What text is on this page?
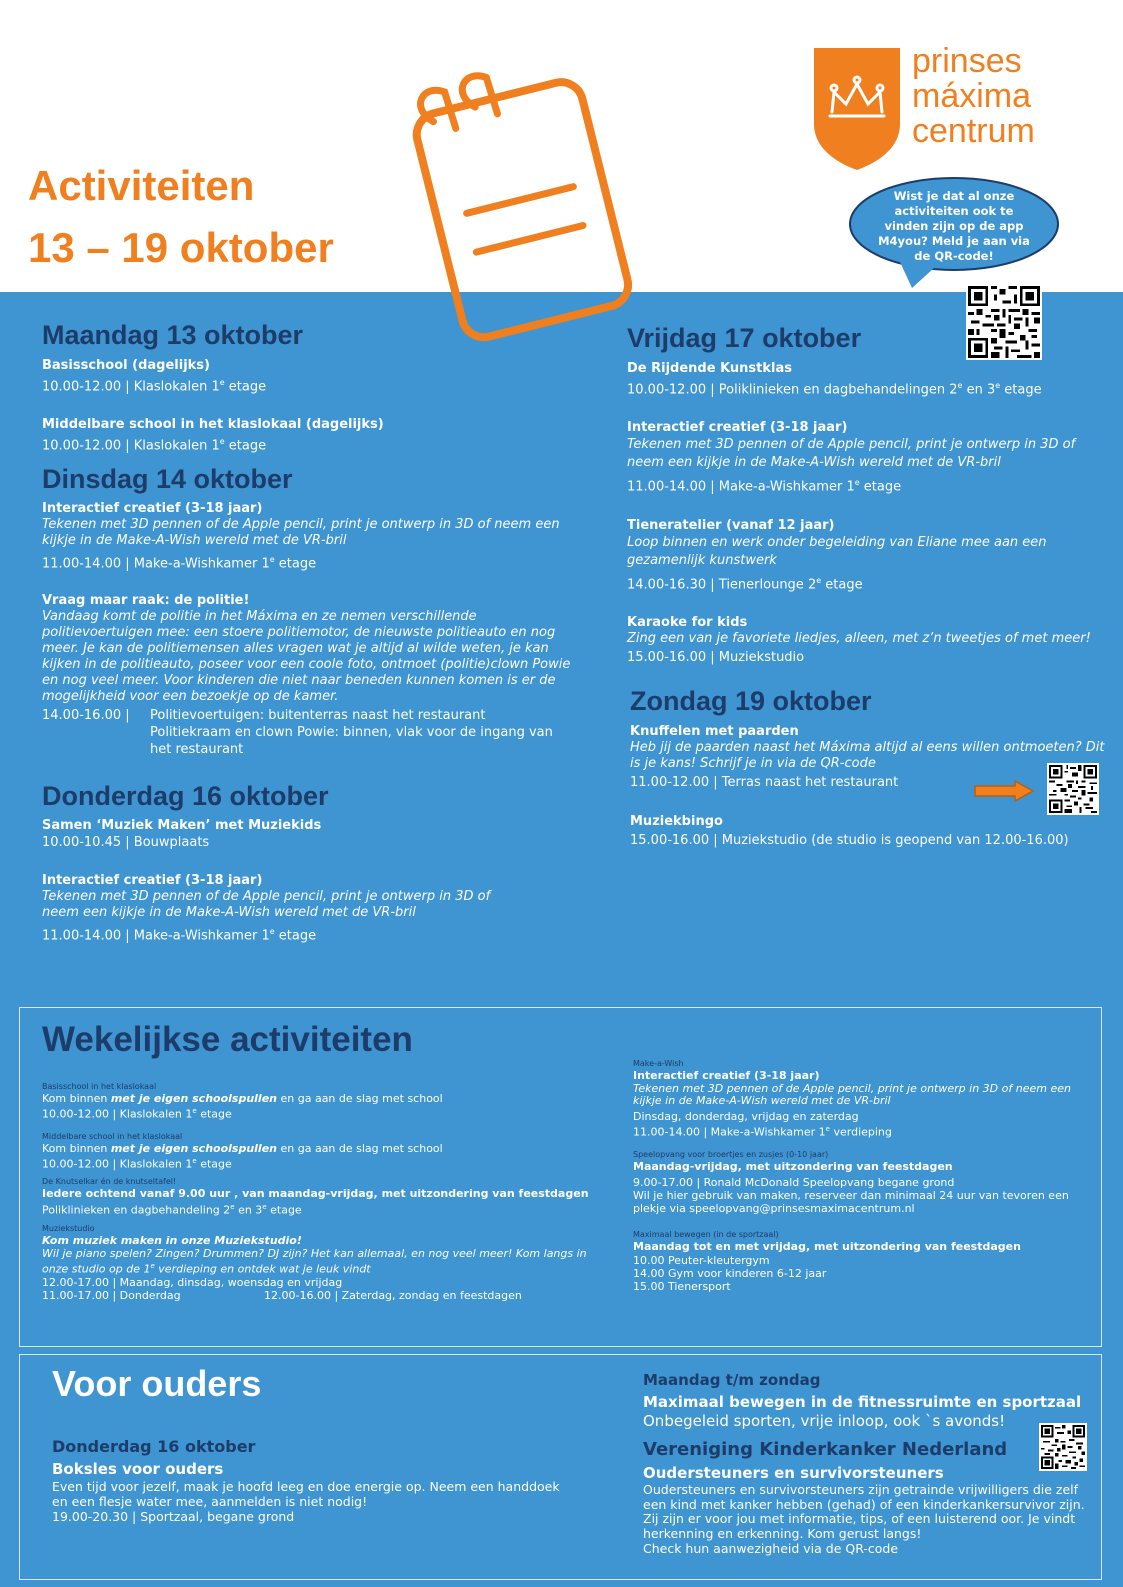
Activiteiten
13 – 19 oktober
prinses
máxima
centrum
Wist je dat al onze activiteiten ook te vinden zijn op de app M4you? Meld je aan via de QR-code!
Maandag 13 oktober
Basisschool (dagelijks)
10.00-12.00 | Klaslokalen 1e etage
Middelbare school in het klaslokaal (dagelijks)
10.00-12.00 | Klaslokalen 1e etage
Dinsdag 14 oktober
Interactief creatief (3-18 jaar)
Tekenen met 3D pennen of de Apple pencil, print je ontwerp in 3D of neem een kijkje in de Make-A-Wish wereld met de VR-bril
11.00-14.00 | Make-a-Wishkamer 1e etage
Vraag maar raak: de politie!
Vandaag komt de politie in het Máxima en ze nemen verschillende politievoertuigen mee: een stoere politiemotor, de nieuwste politieauto en nog meer. Je kan de politiemensen alles vragen wat je altijd al wilde weten, je kan kijken in de politieauto, poseer voor een coole foto, ontmoet (politie)clown Powie en nog veel meer. Voor kinderen die niet naar beneden kunnen komen is er de mogelijkheid voor een bezoekje op de kamer.
14.00-16.00 |	Politievoertuigen: buitenterras naast het restaurant
Politiekraam en clown Powie: binnen, vlak voor de ingang van het restaurant
Donderdag 16 oktober
Samen ‘Muziek Maken’ met Muziekids
10.00-10.45 | Bouwplaats
Interactief creatief (3-18 jaar)
Tekenen met 3D pennen of de Apple pencil, print je ontwerp in 3D of neem een kijkje in de Make-A-Wish wereld met de VR-bril
11.00-14.00 | Make-a-Wishkamer 1e etage
Vrijdag 17 oktober
De Rijdende Kunstklas
10.00-12.00 | Poliklinieken en dagbehandelingen 2e en 3e etage
Interactief creatief (3-18 jaar)
Tekenen met 3D pennen of de Apple pencil, print je ontwerp in 3D of neem een kijkje in de Make-A-Wish wereld met de VR-bril
11.00-14.00 | Make-a-Wishkamer 1e etage
Tieneratelier (vanaf 12 jaar)
Loop binnen en werk onder begeleiding van Eliane mee aan een gezamenlijk kunstwerk
14.00-16.30 | Tienerlounge 2e etage
Karaoke for kids
Zing een van je favoriete liedjes, alleen, met z’n tweetjes of met meer!
15.00-16.00 | Muziekstudio
Zondag 19 oktober
Knuffelen met paarden
Heb jij de paarden naast het Máxima altijd al eens willen ontmoeten? Dit is je kans! Schrijf je in via de QR-code
11.00-12.00 | Terras naast het restaurant
Muziekbingo
15.00-16.00 | Muziekstudio (de studio is geopend van 12.00-16.00)
Wekelijkse activiteiten
Basisschool in het klaslokaal
Kom binnen met je eigen schoolspullen en ga aan de slag met school
10.00-12.00 | Klaslokalen 1e etage
Middelbare school in het klaslokaal
Kom binnen met je eigen schoolspullen en ga aan de slag met school
10.00-12.00 | Klaslokalen 1e etage
De Knutselkar én de knutseltafel!
Iedere ochtend vanaf 9.00 uur , van maandag-vrijdag, met uitzondering van feestdagen
Poliklinieken en dagbehandeling 2e en 3e etage
Muziekstudio
Kom muziek maken in onze Muziekstudio!
Wil je piano spelen? Zingen? Drummen? DJ zijn? Het kan allemaal, en nog veel meer! Kom langs in onze studio op de 1e verdieping en ontdek wat je leuk vindt
12.00-17.00 | Maandag, dinsdag, woensdag en vrijdag
11.00-17.00 | Donderdag	12.00-16.00 | Zaterdag, zondag en feestdagen
Make-a-Wish
Interactief creatief (3-18 jaar)
Tekenen met 3D pennen of de Apple pencil, print je ontwerp in 3D of neem een kijkje in de Make-A-Wish wereld met de VR-bril
Dinsdag, donderdag, vrijdag en zaterdag
11.00-14.00 | Make-a-Wishkamer 1e verdieping
Speelopvang voor broertjes en zusjes (0-10 jaar)
Maandag-vrijdag, met uitzondering van feestdagen
9.00-17.00 | Ronald McDonald Speelopvang begane grond
Wil je hier gebruik van maken, reserveer dan minimaal 24 uur van tevoren een plekje via speelopvang@prinsesmaximacentrum.nl
Maximaal bewegen (in de sportzaal)
Maandag tot en met vrijdag, met uitzondering van feestdagen
10.00 Peuter-kleutergym
14.00 Gym voor kinderen 6-12 jaar
15.00 Tienersport
Voor ouders
Donderdag 16 oktober
Boksles voor ouders
Even tijd voor jezelf, maak je hoofd leeg en doe energie op. Neem een handdoek en een flesje water mee, aanmelden is niet nodig!
19.00-20.30 | Sportzaal, begane grond
Maandag t/m zondag
Maximaal bewegen in de fitnessruimte en sportzaal
Onbegeleid sporten, vrije inloop, ook `s avonds!
Vereniging Kinderkanker Nederland
Oudersteuners en survivorsteuners
Oudersteuners en survivorsteuners zijn getrainde vrijwilligers die zelf een kind met kanker hebben (gehad) of een kinderkankersurvivor zijn. Zij zijn er voor jou met informatie, tips, of een luisterend oor. Je vindt herkenning en erkenning. Kom gerust langs!
Check hun aanwezigheid via de QR-code
